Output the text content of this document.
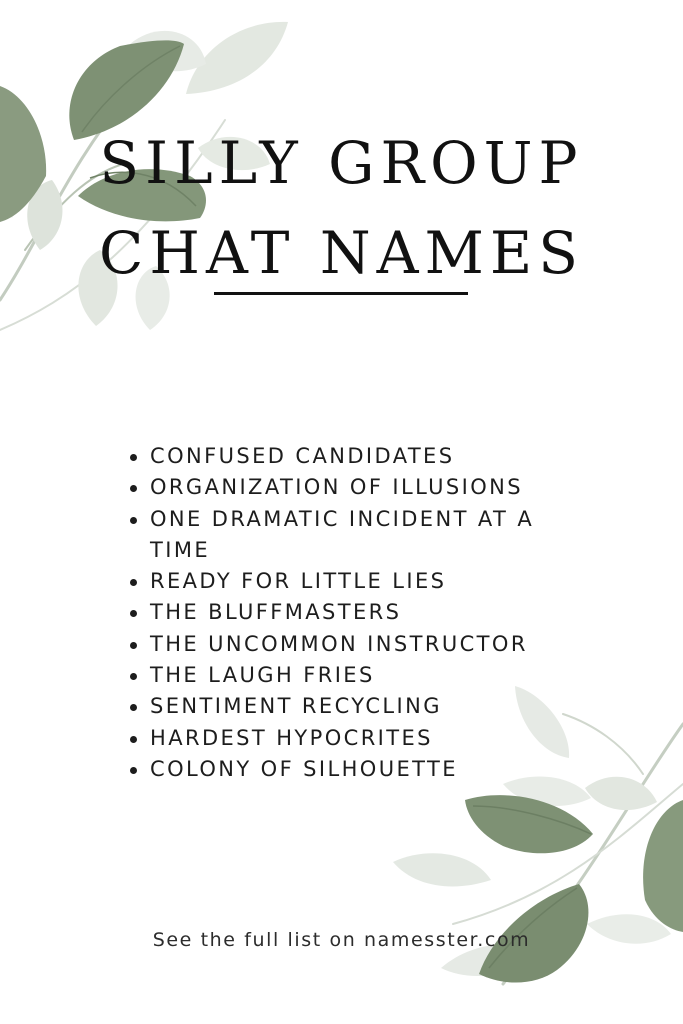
SILLY GROUP
CHAT NAMES
CONFUSED CANDIDATES
ORGANIZATION OF ILLUSIONS
ONE DRAMATIC INCIDENT AT A TIME
READY FOR LITTLE LIES
THE BLUFFMASTERS
THE UNCOMMON INSTRUCTOR
THE LAUGH FRIES
SENTIMENT RECYCLING
HARDEST HYPOCRITES
COLONY OF SILHOUETTE
See the full list on namesster.com
